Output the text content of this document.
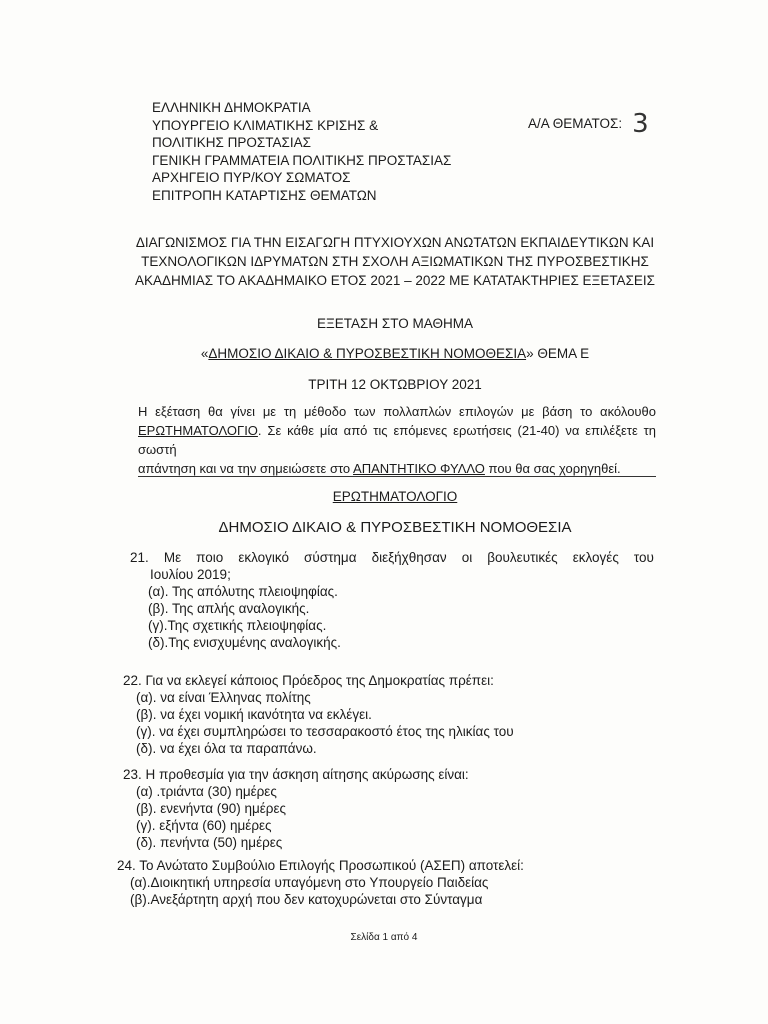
ΕΛΛΗΝΙΚΗ ΔΗΜΟΚΡΑΤΙΑ
ΥΠΟΥΡΓΕΙΟ ΚΛΙΜΑΤΙΚΗΣ ΚΡΙΣΗΣ &
ΠΟΛΙΤΙΚΗΣ ΠΡΟΣΤΑΣΙΑΣ
ΓΕΝΙΚΗ ΓΡΑΜΜΑΤΕΙΑ ΠΟΛΙΤΙΚΗΣ ΠΡΟΣΤΑΣΙΑΣ
ΑΡΧΗΓΕΙΟ ΠΥΡ/ΚΟΥ ΣΩΜΑΤΟΣ
ΕΠΙΤΡΟΠΗ ΚΑΤΑΡΤΙΣΗΣ ΘΕΜΑΤΩΝ
Α/Α ΘΕΜΑΤΟΣ: 3
ΔΙΑΓΩΝΙΣΜΟΣ ΓΙΑ ΤΗΝ ΕΙΣΑΓΩΓΗ ΠΤΥΧΙΟΥΧΩΝ ΑΝΩΤΑΤΩΝ ΕΚΠΑΙΔΕΥΤΙΚΩΝ ΚΑΙ
ΤΕΧΝΟΛΟΓΙΚΩΝ ΙΔΡΥΜΑΤΩΝ ΣΤΗ ΣΧΟΛΗ ΑΞΙΩΜΑΤΙΚΩΝ ΤΗΣ ΠΥΡΟΣΒΕΣΤΙΚΗΣ
ΑΚΑΔΗΜΙΑΣ ΤΟ ΑΚΑΔΗΜΑΙΚΟ ΕΤΟΣ 2021 – 2022 ΜΕ ΚΑΤΑΤΑΚΤΗΡΙΕΣ ΕΞΕΤΑΣΕΙΣ
ΕΞΕΤΑΣΗ ΣΤΟ ΜΑΘΗΜΑ
«ΔΗΜΟΣΙΟ ΔΙΚΑΙΟ & ΠΥΡΟΣΒΕΣΤΙΚΗ ΝΟΜΟΘΕΣΙΑ» ΘΕΜΑ Ε
ΤΡΙΤΗ 12 ΟΚΤΩΒΡΙΟΥ 2021
Η εξέταση θα γίνει με τη μέθοδο των πολλαπλών επιλογών με βάση το ακόλουθο
ΕΡΩΤΗΜΑΤΟΛΟΓΙΟ. Σε κάθε μία από τις επόμενες ερωτήσεις (21-40) να επιλέξετε τη σωστή
απάντηση και να την σημειώσετε στο ΑΠΑΝΤΗΤΙΚΟ ΦΥΛΛΟ που θα σας χορηγηθεί.
ΕΡΩΤΗΜΑΤΟΛΟΓΙΟ
ΔΗΜΟΣΙΟ ΔΙΚΑΙΟ & ΠΥΡΟΣΒΕΣΤΙΚΗ ΝΟΜΟΘΕΣΙΑ
21. Με ποιο εκλογικό σύστημα διεξήχθησαν οι βουλευτικές εκλογές του
Ιουλίου 2019;
(α). Της απόλυτης πλειοψηφίας.
(β). Της απλής αναλογικής.
(γ).Της σχετικής πλειοψηφίας.
(δ).Της ενισχυμένης αναλογικής.
22. Για να εκλεγεί κάποιος Πρόεδρος της Δημοκρατίας πρέπει:
(α). να είναι Έλληνας πολίτης
(β). να έχει νομική ικανότητα να εκλέγει.
(γ). να έχει συμπληρώσει το τεσσαρακοστό έτος της ηλικίας του
(δ). να έχει όλα τα παραπάνω.
23. Η προθεσμία για την άσκηση αίτησης ακύρωσης είναι:
(α) .τριάντα (30) ημέρες
(β). ενενήντα (90) ημέρες
(γ). εξήντα (60) ημέρες
(δ). πενήντα (50) ημέρες
24. Το Ανώτατο Συμβούλιο Επιλογής Προσωπικού (ΑΣΕΠ) αποτελεί:
(α).Διοικητική υπηρεσία υπαγόμενη στο Υπουργείο Παιδείας
(β).Ανεξάρτητη αρχή που δεν κατοχυρώνεται στο Σύνταγμα
Σελίδα 1 από 4
